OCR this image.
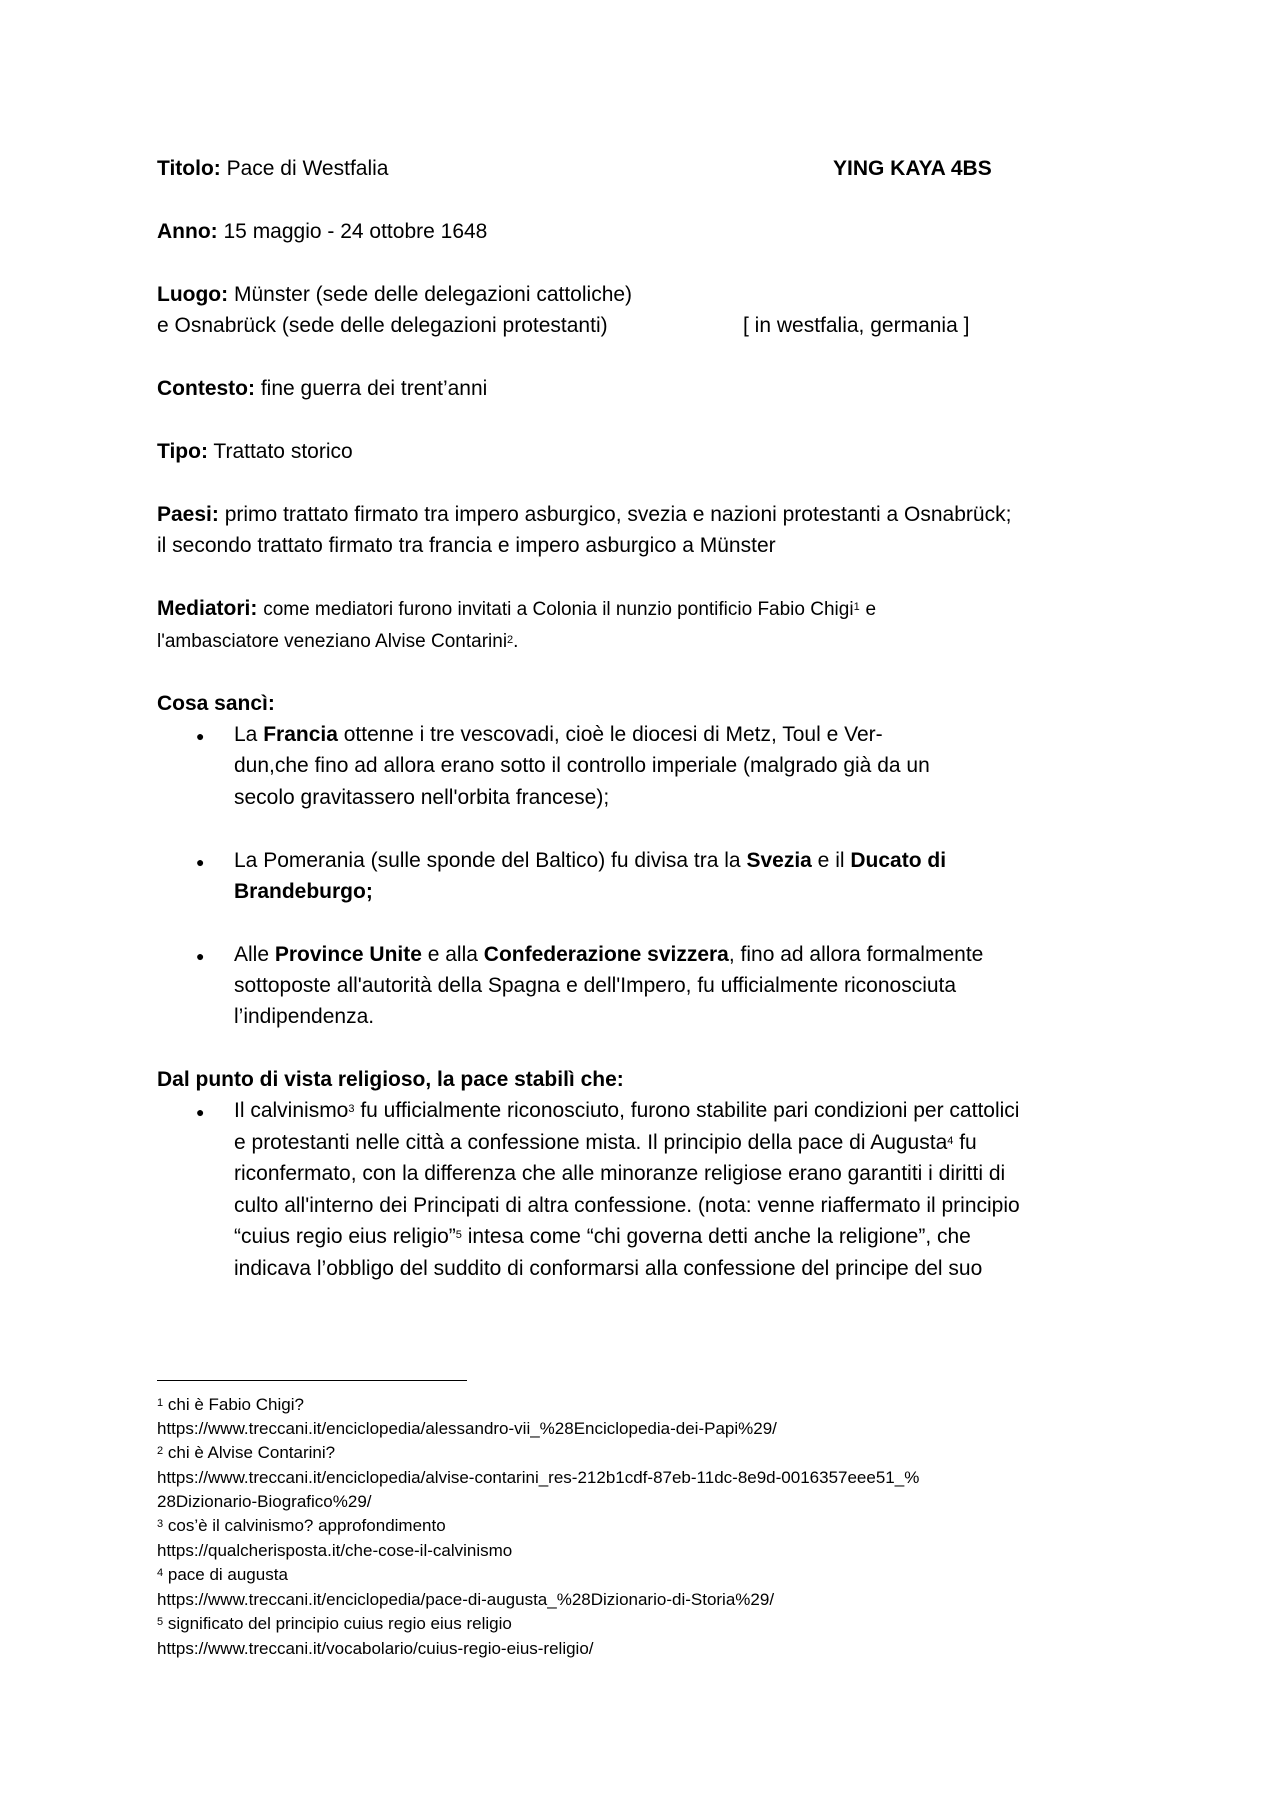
Titolo: Pace di Westfalia	YING KAYA 4BS
Anno: 15 maggio - 24 ottobre 1648
Luogo: Münster (sede delle delegazioni cattoliche)
e Osnabrück (sede delle delegazioni protestanti)	[ in westfalia, germania ]
Contesto: fine guerra dei trent’anni
Tipo: Trattato storico
Paesi: primo trattato firmato tra impero asburgico, svezia e nazioni protestanti a Osnabrück;
il secondo trattato firmato tra francia e impero asburgico a Münster
Mediatori: come mediatori furono invitati a Colonia il nunzio pontificio Fabio Chigi$^1$ e
l'ambasciatore veneziano Alvise Contarini$^2$.
Cosa sancì:
● La Francia ottenne i tre vescovadi, cioè le diocesi di Metz, Toul e Ver-
dun,che fino ad allora erano sotto il controllo imperiale (malgrado già da un
secolo gravitassero nell'orbita francese);
● La Pomerania (sulle sponde del Baltico) fu divisa tra la Svezia e il Ducato di
Brandeburgo;
● Alle Province Unite e alla Confederazione svizzera, fino ad allora formalmente
sottoposte all'autorità della Spagna e dell'Impero, fu ufficialmente riconosciuta
l’indipendenza.
Dal punto di vista religioso, la pace stabilì che:
● Il calvinismo$^3$ fu ufficialmente riconosciuto, furono stabilite pari condizioni per cattolici
e protestanti nelle città a confessione mista. Il principio della pace di Augusta$^4$ fu
riconfermato, con la differenza che alle minoranze religiose erano garantiti i diritti di
culto all'interno dei Principati di altra confessione. (nota: venne riaffermato il principio
“cuius regio eius religio”$^5$ intesa come “chi governa detti anche la religione”, che
indicava l’obbligo del suddito di conformarsi alla confessione del principe del suo
$^1$ chi è Fabio Chigi?
https://www.treccani.it/enciclopedia/alessandro-vii_%28Enciclopedia-dei-Papi%29/
$^2$ chi è Alvise Contarini?
https://www.treccani.it/enciclopedia/alvise-contarini_res-212b1cdf-87eb-11dc-8e9d-0016357eee51_%
28Dizionario-Biografico%29/
$^3$ cos’è il calvinismo? approfondimento
https://qualcherisposta.it/che-cose-il-calvinismo
$^4$ pace di augusta
https://www.treccani.it/enciclopedia/pace-di-augusta_%28Dizionario-di-Storia%29/
$^5$ significato del principio cuius regio eius religio
https://www.treccani.it/vocabolario/cuius-regio-eius-religio/
